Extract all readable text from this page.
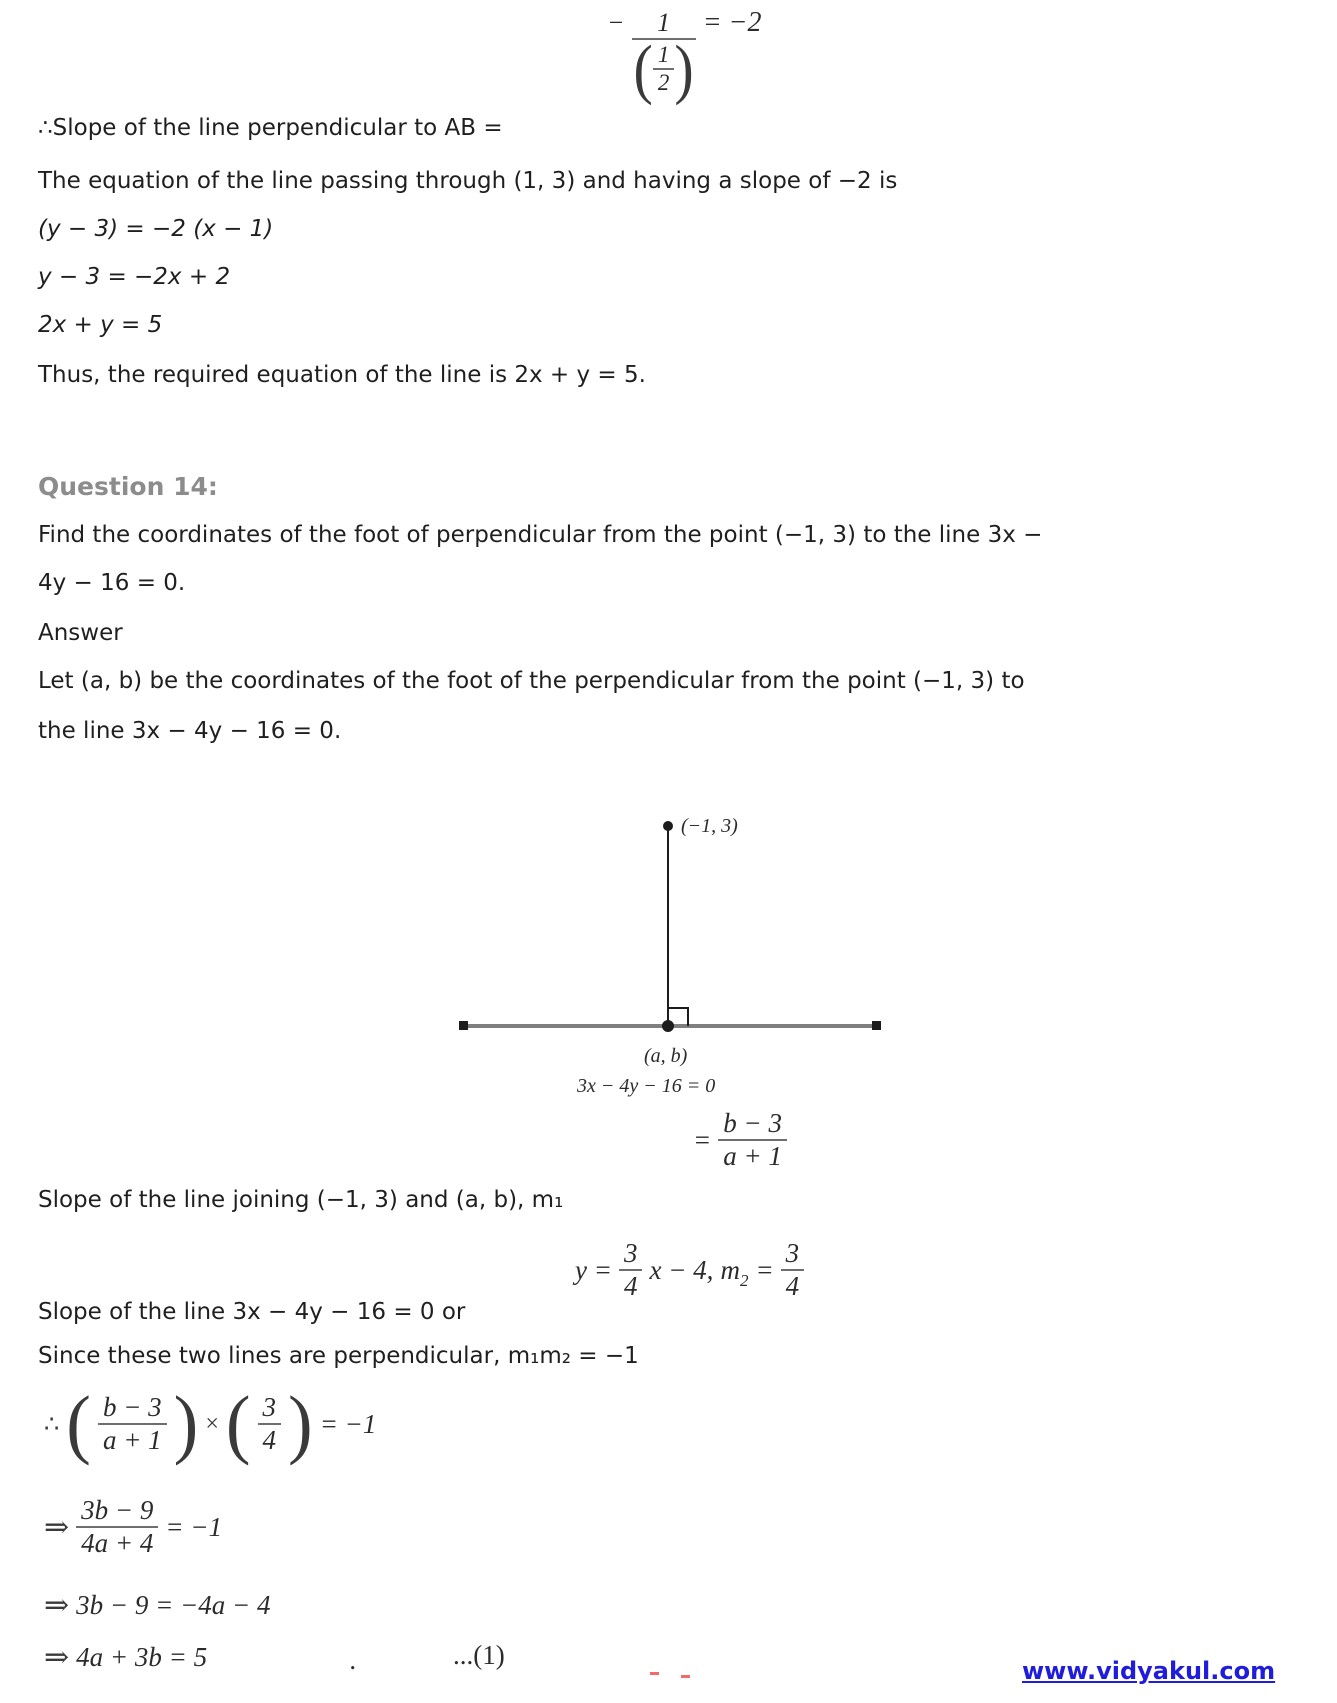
− $\frac{1}{( \frac{1}{2} )} = -2$
∴Slope of the line perpendicular to AB =
The equation of the line passing through (1, 3) and having a slope of −2 is
(y − 3) = −2 (x − 1)
y − 3 = −2x + 2
2x + y = 5
Thus, the required equation of the line is 2x + y = 5.
Question 14:
Find the coordinates of the foot of perpendicular from the point (−1, 3) to the line 3x −
4y − 16 = 0.
Answer
Let (a, b) be the coordinates of the foot of the perpendicular from the point (−1, 3) to
the line 3x − 4y − 16 = 0.
(−1, 3)
(a, b)
3x − 4y − 16 = 0
= $\frac{b - 3}{a + 1}$
Slope of the line joining (−1, 3) and (a, b), m₁
$y = \frac{3}{4}$ x − 4, m $2 = \frac{3}{4}$
Slope of the line 3x − 4y − 16 = 0 or
Since these two lines are perpendicular, m₁m₂ = −1
∴ ( $\frac{b - 3}{a + 1}$ ) × ( $\frac{3}{4}$ ) = −1
⇒ $\frac{3b - 9}{4a + 4} = -1$
⇒ 3b − 9 = −4a − 4
⇒ 4a + 3b = 5	.	...(1)
www.vidyakul.com
